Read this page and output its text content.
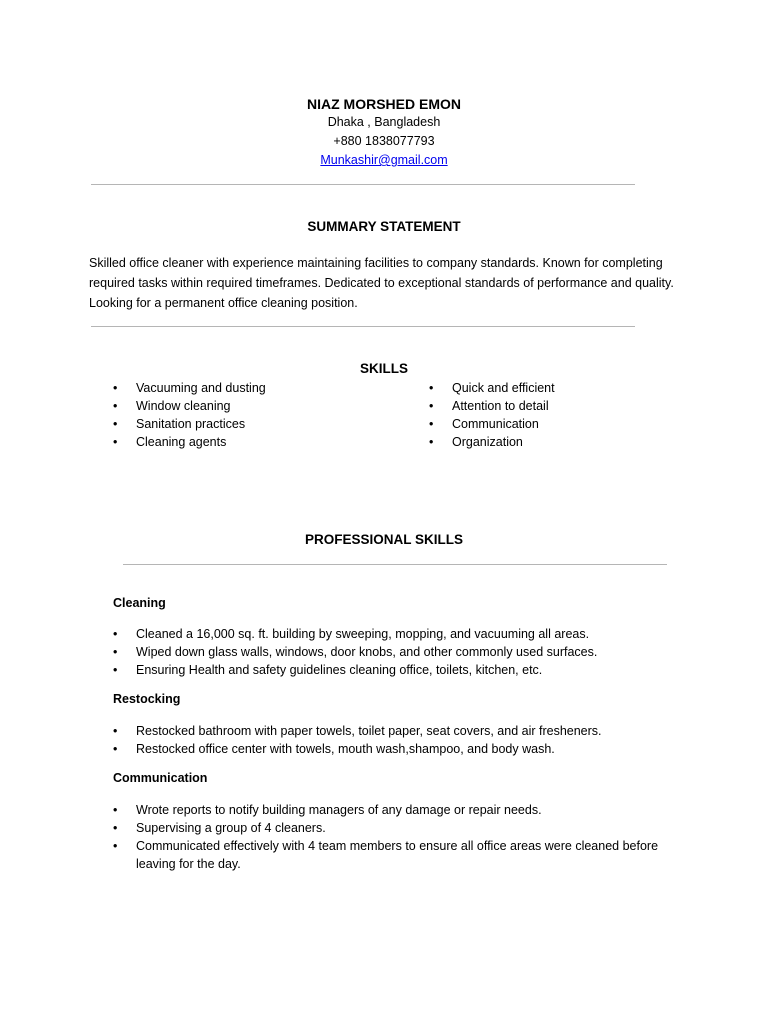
NIAZ MORSHED EMON
Dhaka , Bangladesh
+880 1838077793
Munkashir@gmail.com
SUMMARY STATEMENT
Skilled office cleaner with experience maintaining facilities to company standards. Known for completing required tasks within required timeframes. Dedicated to exceptional standards of performance and quality. Looking for a permanent office cleaning position.
SKILLS
• Vacuuming and dusting
• Window cleaning
• Sanitation practices
• Cleaning agents
• Quick and efficient
• Attention to detail
• Communication
• Organization
PROFESSIONAL SKILLS
Cleaning
• Cleaned a 16,000 sq. ft. building by sweeping, mopping, and vacuuming all areas.
• Wiped down glass walls, windows, door knobs, and other commonly used surfaces.
• Ensuring Health and safety guidelines cleaning office, toilets, kitchen, etc.
Restocking
• Restocked bathroom with paper towels, toilet paper, seat covers, and air fresheners.
• Restocked office center with towels, mouth wash,shampoo, and body wash.
Communication
• Wrote reports to notify building managers of any damage or repair needs.
• Supervising a group of 4 cleaners.
• Communicated effectively with 4 team members to ensure all office areas were cleaned before leaving for the day.
